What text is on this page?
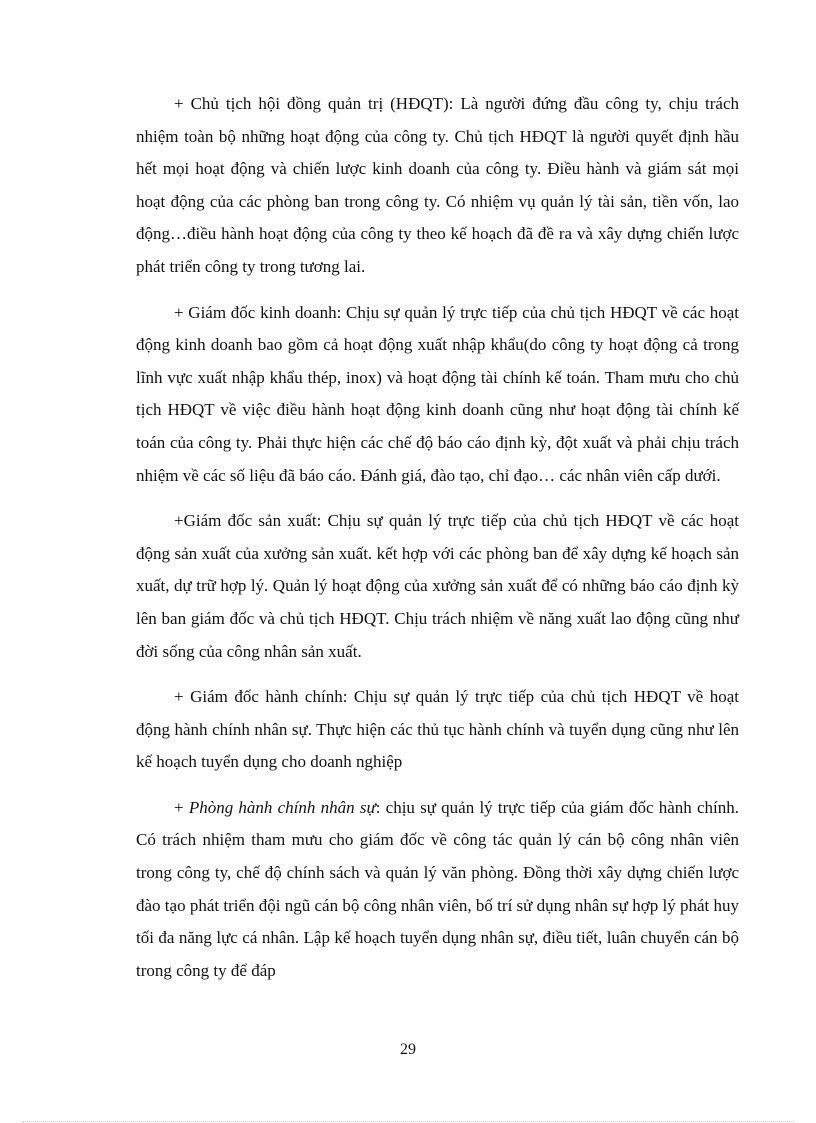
+ Chủ tịch hội đồng quản trị (HĐQT): Là người đứng đầu công ty, chịu trách nhiệm toàn bộ những hoạt động của công ty. Chủ tịch HĐQT là người quyết định hầu hết mọi hoạt động và chiến lược kinh doanh của công ty. Điều hành và giám sát mọi hoạt động của các phòng ban trong công ty. Có nhiệm vụ quản lý tài sản, tiền vốn, lao động…điều hành hoạt động của công ty theo kế hoạch đã đề ra và xây dựng chiến lược phát triển công ty trong tương lai.

+ Giám đốc kinh doanh: Chịu sự quản lý trực tiếp của chủ tịch HĐQT về các hoạt động kinh doanh bao gồm cả hoạt động xuất nhập khẩu(do công ty hoạt động cả trong lĩnh vực xuất nhập khẩu thép, inox) và hoạt động tài chính kế toán. Tham mưu cho chủ tịch HĐQT về việc điều hành hoạt động kinh doanh cũng như hoạt động tài chính kế toán của công ty. Phải thực hiện các chế độ báo cáo định kỳ, đột xuất và phải chịu trách nhiệm về các số liệu đã báo cáo. Đánh giá, đào tạo, chỉ đạo… các nhân viên cấp dưới.

+Giám đốc sản xuất: Chịu sự quản lý trực tiếp của chủ tịch HĐQT về các hoạt động sản xuất của xưởng sản xuất. kết hợp với các phòng ban để xây dựng kế hoạch sản xuất, dự trữ hợp lý. Quản lý hoạt động của xưởng sản xuất để có những báo cáo định kỳ lên ban giám đốc và chủ tịch HĐQT. Chịu trách nhiệm về năng xuất lao động cũng như đời sống của công nhân sản xuất.

+ Giám đốc hành chính: Chịu sự quản lý trực tiếp của chủ tịch HĐQT về hoạt động hành chính nhân sự. Thực hiện các thủ tục hành chính và tuyển dụng cũng như lên kế hoạch tuyển dụng cho doanh nghiệp

+ Phòng hành chính nhân sự: chịu sự quản lý trực tiếp của giám đốc hành chính. Có trách nhiệm tham mưu cho giám đốc về công tác quản lý cán bộ công nhân viên trong công ty, chế độ chính sách và quản lý văn phòng. Đồng thời xây dựng chiến lược đào tạo phát triển đội ngũ cán bộ công nhân viên, bố trí sử dụng nhân sự hợp lý phát huy tối đa năng lực cá nhân. Lập kế hoạch tuyển dụng nhân sự, điều tiết, luân chuyển cán bộ trong công ty để đáp

29
